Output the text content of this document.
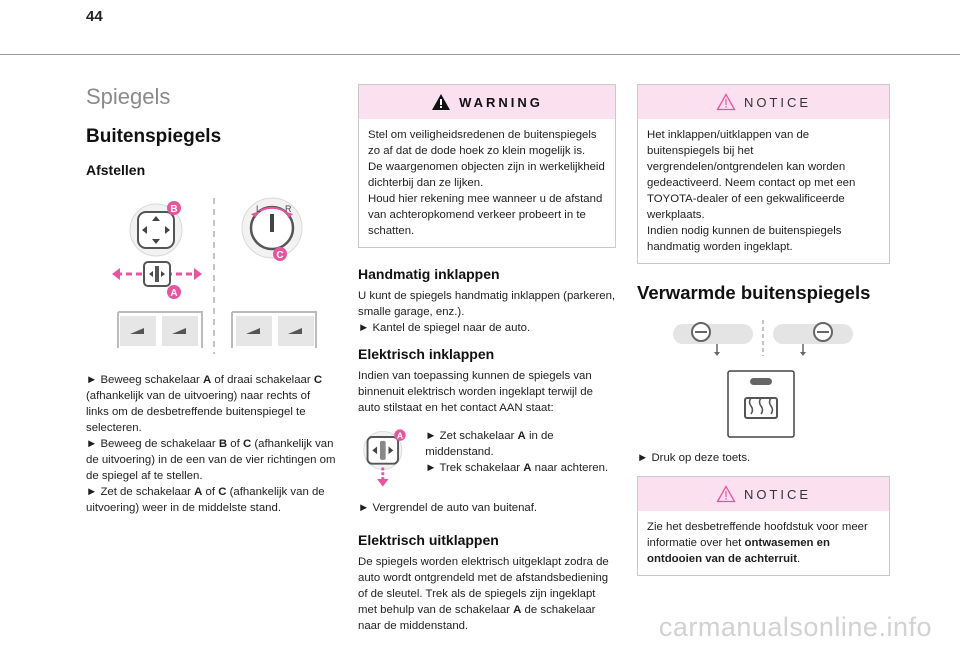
44
Spiegels
Buitenspiegels
Afstellen
B
A
L	R
C

► Beweeg schakelaar A of draai schakelaar C (afhankelijk van de uitvoering) naar rechts of links om de desbetreffende buitenspiegel te selecteren.

► Beweeg de schakelaar B of C (afhankelijk van de uitvoering) in de een van de vier richtingen om de spiegel af te stellen.

► Zet de schakelaar A of C (afhankelijk van de uitvoering) weer in de middelste stand.

WARNING

Stel om veiligheidsredenen de buitenspiegels zo af dat de dode hoek zo klein mogelijk is.

De waargenomen objecten zijn in werkelijkheid dichterbij dan ze lijken.

Houd hier rekening mee wanneer u de afstand van achteropkomend verkeer probeert in te schatten.

Handmatig inklappen

U kunt de spiegels handmatig inklappen (parkeren, smalle garage, enz.).

► Kantel de spiegel naar de auto.

Elektrisch inklappen

Indien van toepassing kunnen de spiegels van binnenuit elektrisch worden ingeklapt terwijl de auto stilstaat en het contact AAN staat:

A ► Zet schakelaar A in de middenstand.

► Trek schakelaar A naar achteren.

► Vergrendel de auto van buitenaf.

Elektrisch uitklappen

De spiegels worden elektrisch uitgeklapt zodra de auto wordt ontgrendeld met de afstandsbediening of de sleutel. Trek als de spiegels zijn ingeklapt met behulp van de schakelaar A de schakelaar naar de middenstand.

NOTICE

Het inklappen/uitklappen van de buitenspiegels bij het vergrendelen/ontgrendelen kan worden gedeactiveerd. Neem contact op met een TOYOTA-dealer of een gekwalificeerde werkplaats.

Indien nodig kunnen de buitenspiegels handmatig worden ingeklapt.

Verwarmde buitenspiegels

► Druk op deze toets.

NOTICE

Zie het desbetreffende hoofdstuk voor meer informatie over het ontwasemen en ontdooien van de achterruit.

carmanualsonline.info
